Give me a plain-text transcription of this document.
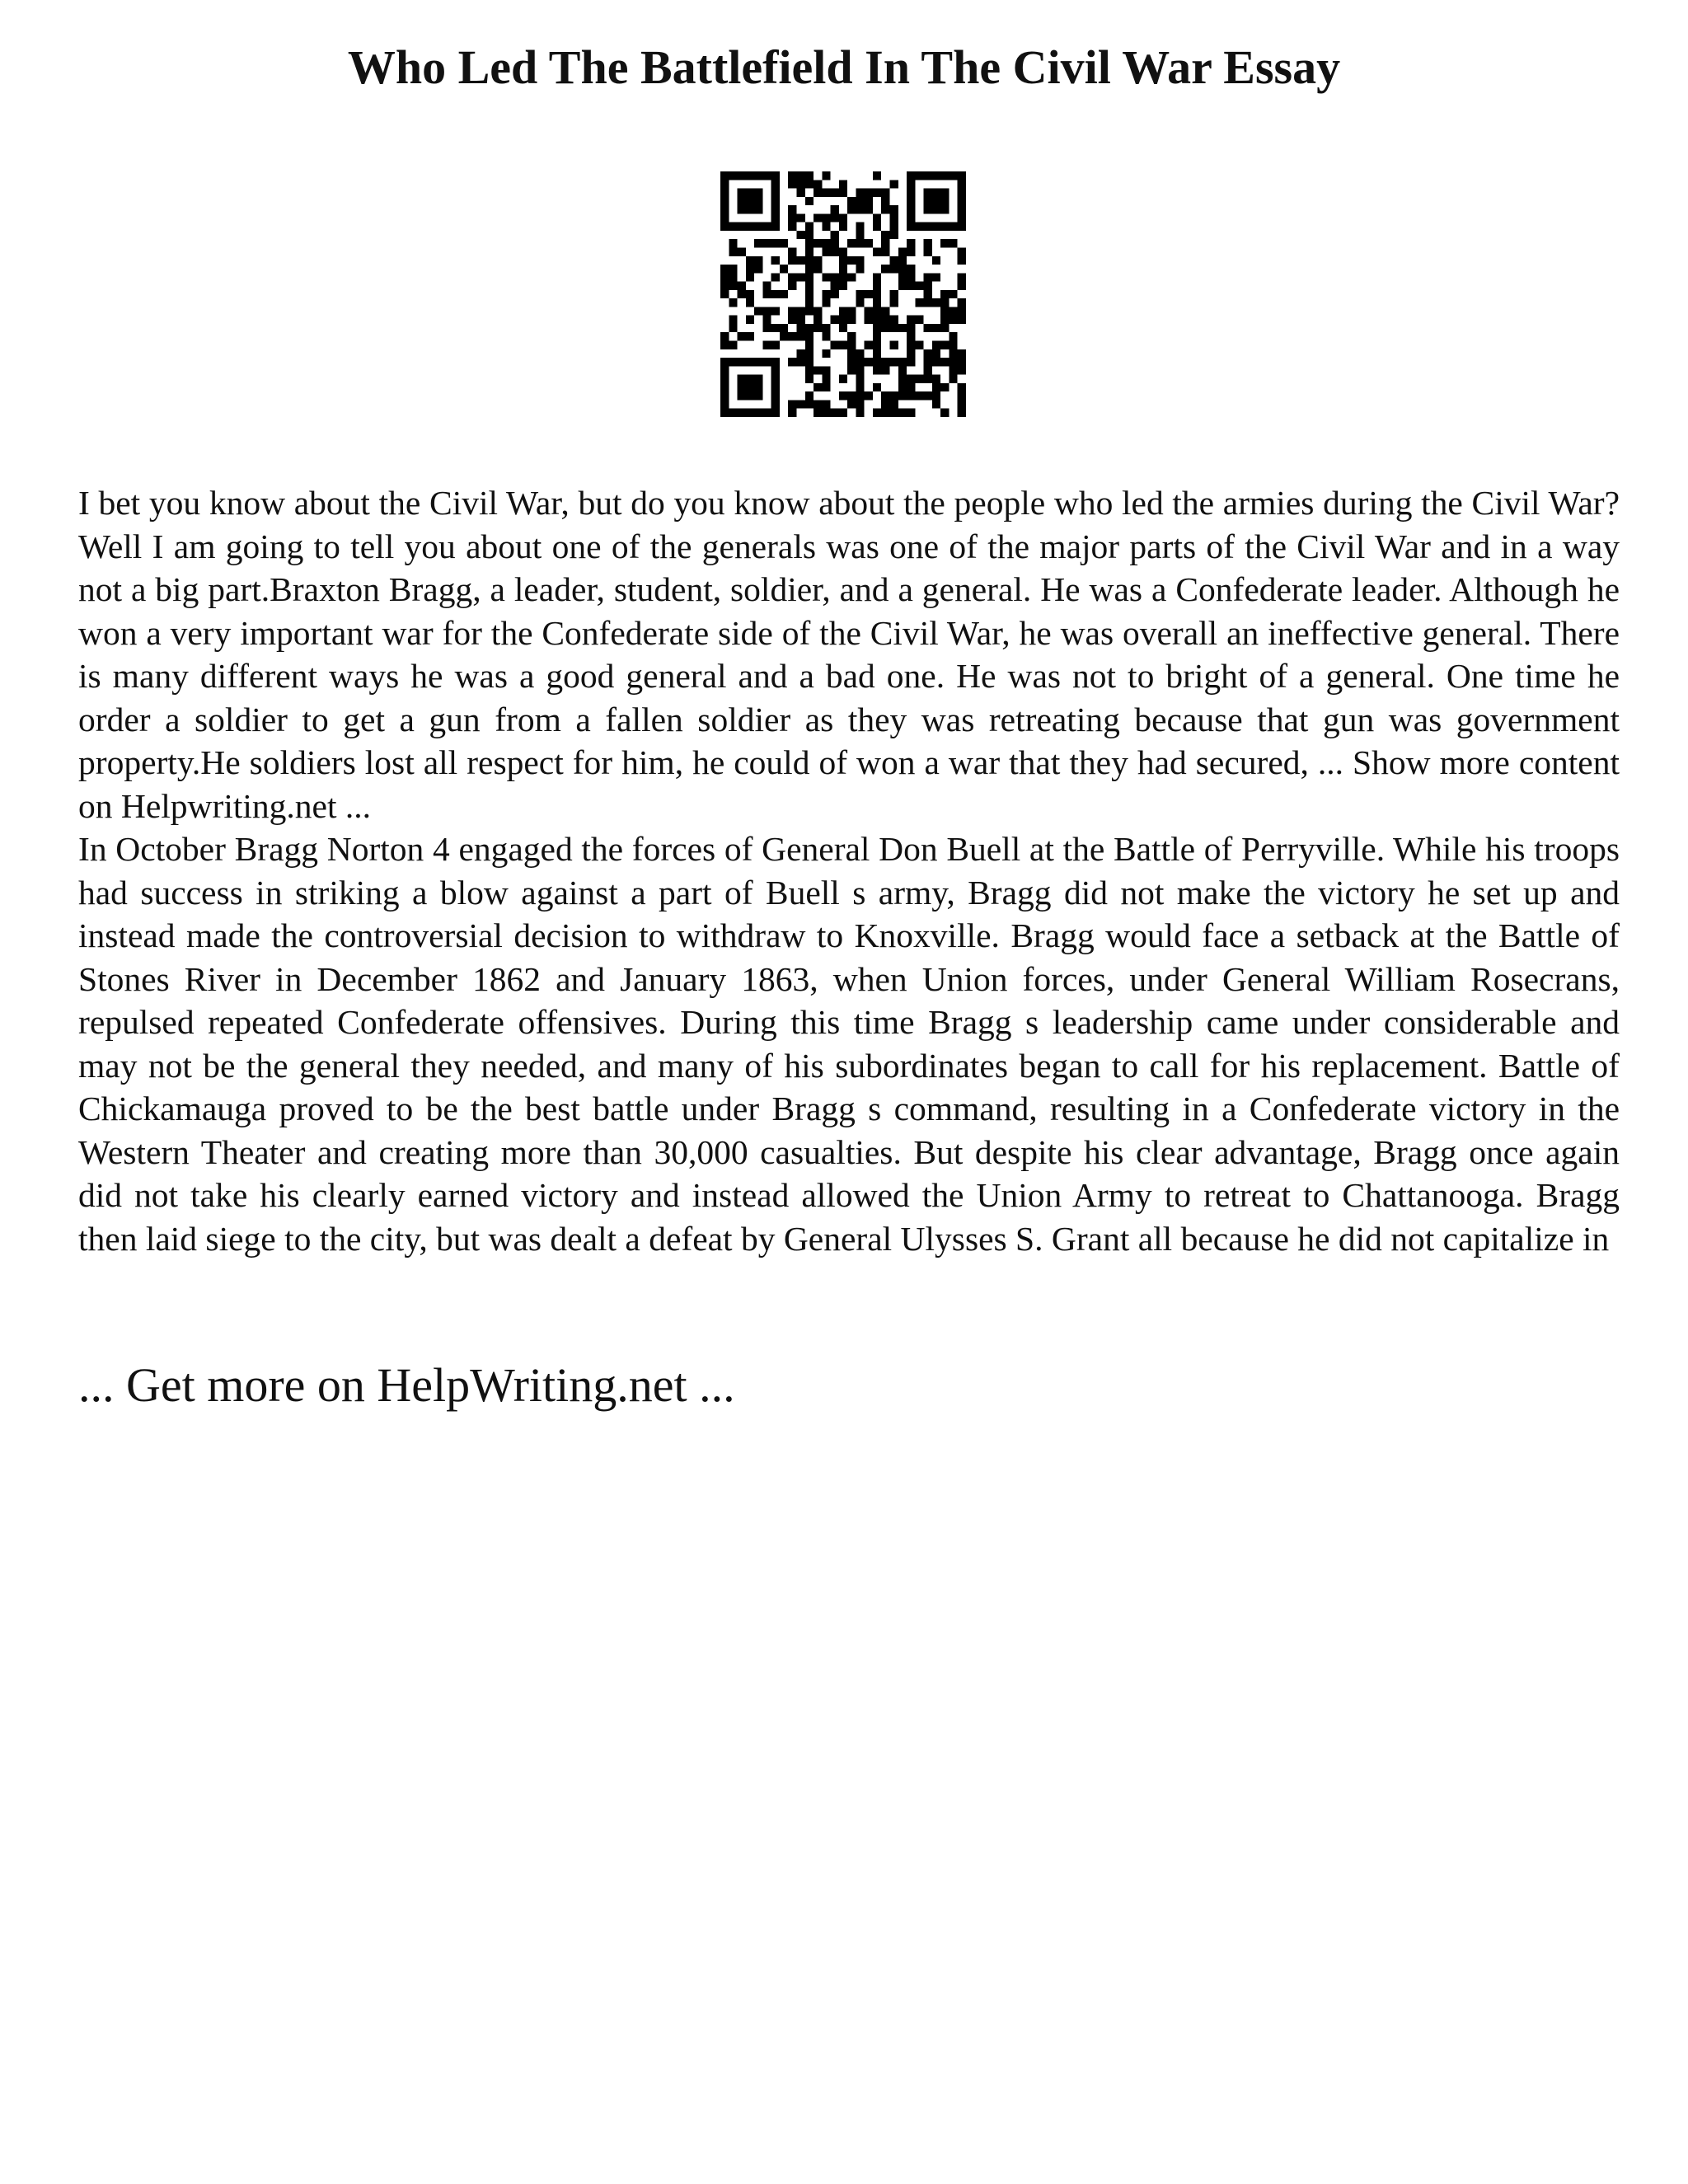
Who Led The Battlefield In The Civil War Essay

I bet you know about the Civil War, but do you know about the people who led the armies during the Civil War? Well I am going to tell you about one of the generals was one of the major parts of the Civil War and in a way not a big part.Braxton Bragg, a leader, student, soldier, and a general. He was a Confederate leader. Although he won a very important war for the Confederate side of the Civil War, he was overall an ineffective general. There is many different ways he was a good general and a bad one. He was not to bright of a general. One time he order a soldier to get a gun from a fallen soldier as they was retreating because that gun was government property.He soldiers lost all respect for him, he could of won a war that they had secured, ... Show more content on Helpwriting.net ...

In October Bragg Norton 4 engaged the forces of General Don Buell at the Battle of Perryville. While his troops had success in striking a blow against a part of Buell s army, Bragg did not make the victory he set up and instead made the controversial decision to withdraw to Knoxville. Bragg would face a setback at the Battle of Stones River in December 1862 and January 1863, when Union forces, under General William Rosecrans, repulsed repeated Confederate offensives. During this time Bragg s leadership came under considerable and may not be the general they needed, and many of his subordinates began to call for his replacement. Battle of Chickamauga proved to be the best battle under Bragg s command, resulting in a Confederate victory in the Western Theater and creating more than 30,000 casualties. But despite his clear advantage, Bragg once again did not take his clearly earned victory and instead allowed the Union Army to retreat to Chattanooga. Bragg then laid siege to the city, but was dealt a defeat by General Ulysses S. Grant all because he did not capitalize in

... Get more on HelpWriting.net ...
